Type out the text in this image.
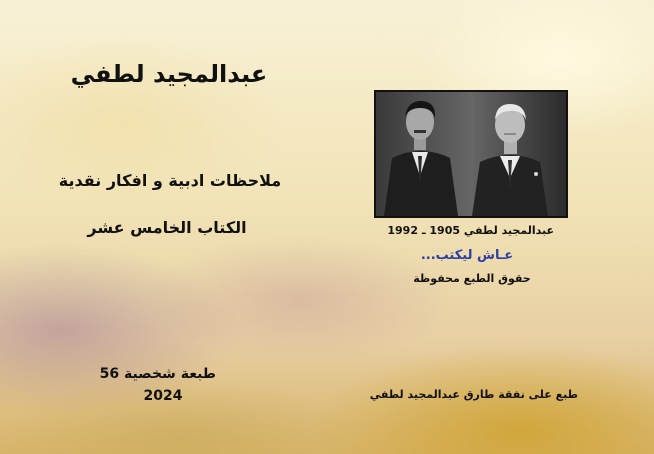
عبدالمجيد لطفي
ملاحظات ادبية و افكار نقدية
الكتاب الخامس عشر
طبعة شخصية 56
2024
عبدالمجيد لطفي 1905 ـ 1992
عـاش ليكتب...
حقوق الطبع محفوظة
طبع على نفقة طارق عبدالمجيد لطفي
